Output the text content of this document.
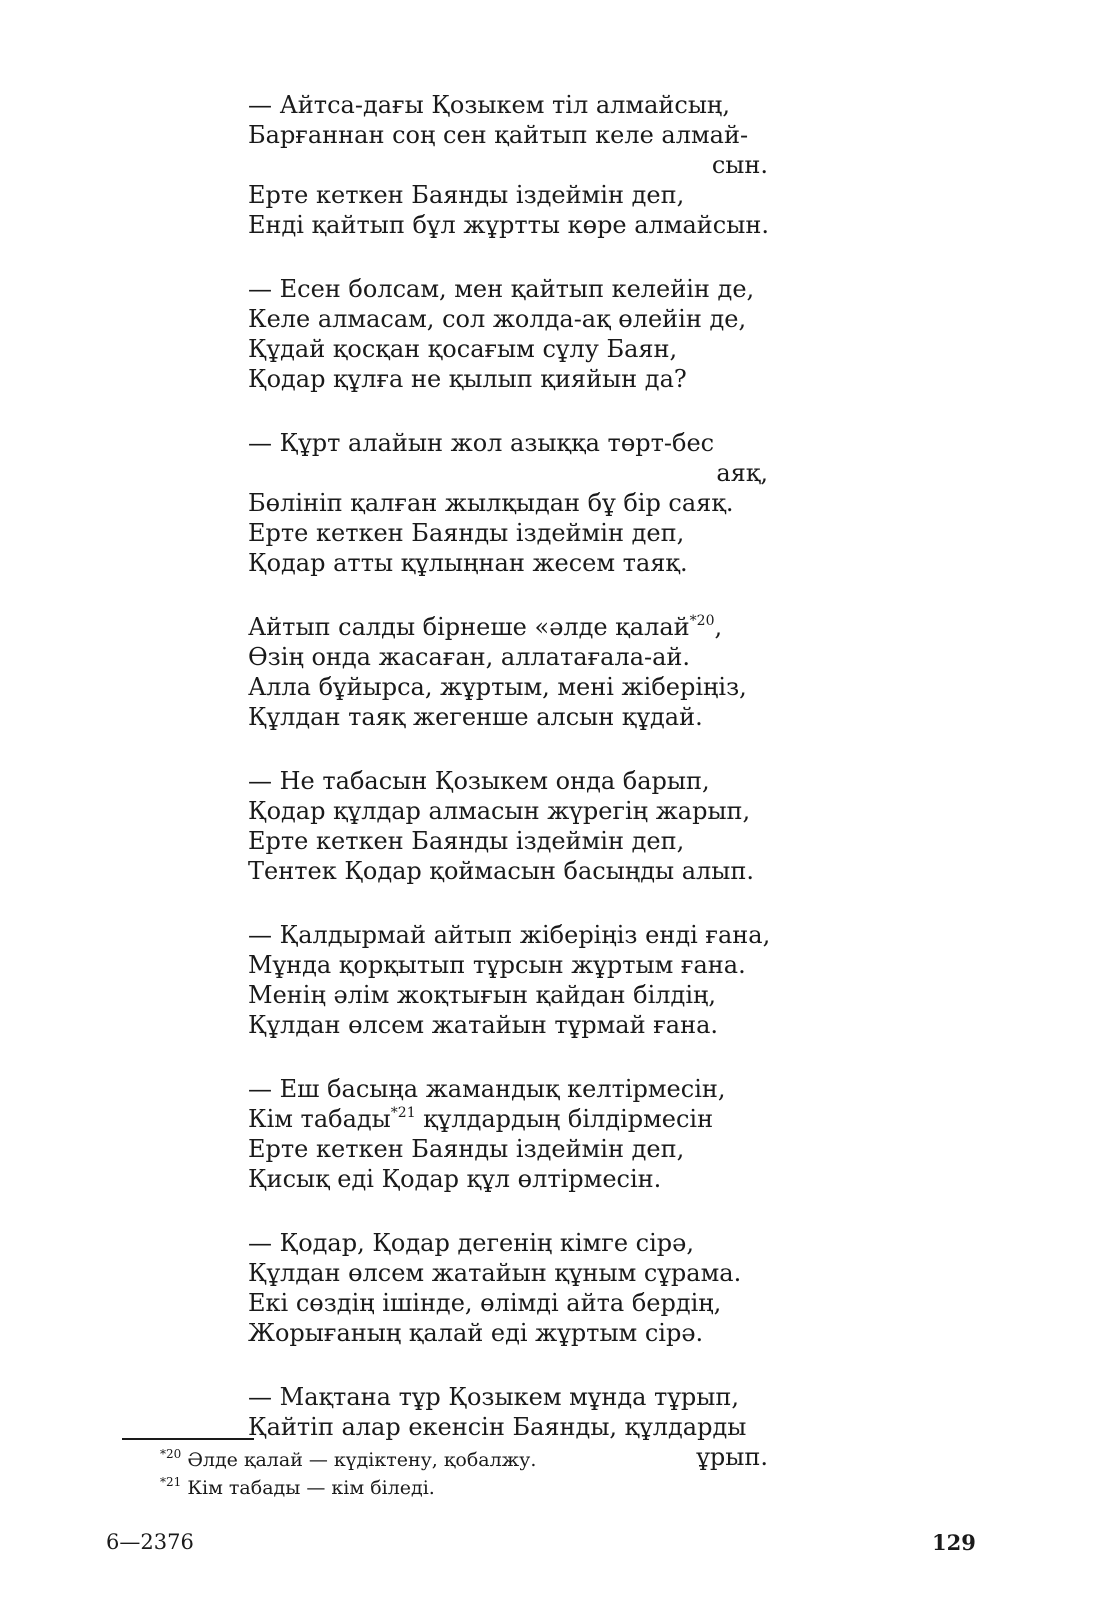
— Айтса-дағы Қозыкем тіл алмайсың,
Барғаннан соң сен қайтып келе алмай-
сын.
Ерте кеткен Баянды іздеймін деп,
Енді қайтып бұл жұртты көре алмайсын.
— Есен болсам, мен қайтып келейін де,
Келе алмасам, сол жолда-ақ өлейін де,
Құдай қосқан қосағым сұлу Баян,
Қодар құлға не қылып қияйын да?
— Құрт алайын жол азыққа төрт-бес
аяқ,
Бөлініп қалған жылқыдан бұ бір саяқ.
Ерте кеткен Баянды іздеймін деп,
Қодар атты құлыңнан жесем таяқ.
Айтып салды бірнеше «әлде қалай$^{*20}$,
Өзің онда жасаған, аллатағала-ай.
Алла бұйырса, жұртым, мені жіберіңіз,
Құлдан таяқ жегенше алсын құдай.
— Не табасын Қозыкем онда барып,
Қодар құлдар алмасын жүрегің жарып,
Ерте кеткен Баянды іздеймін деп,
Тентек Қодар қоймасын басыңды алып.
— Қалдырмай айтып жіберіңіз енді ғана,
Мұнда қорқытып тұрсын жұртым ғана.
Менің әлім жоқтығын қайдан білдің,
Құлдан өлсем жатайын тұрмай ғана.
— Еш басыңа жамандық келтірмесін,
Кім табады$^{*21}$ құлдардың білдірмесін
Ерте кеткен Баянды іздеймін деп,
Қисық еді Қодар құл өлтірмесін.
— Қодар, Қодар дегенің кімге сірә,
Құлдан өлсем жатайын құным сұрама.
Екі сөздің ішінде, өлімді айта бердің,
Жорығаның қалай еді жұртым сірә.
— Мақтана тұр Қозыкем мұнда тұрып,
Қайтіп алар екенсін Баянды, құлдарды
ұрып.
$^{*20}$ Әлде қалай — күдіктену, қобалжу.
$^{*21}$ Кім табады — кім біледі.
6—2376	129
